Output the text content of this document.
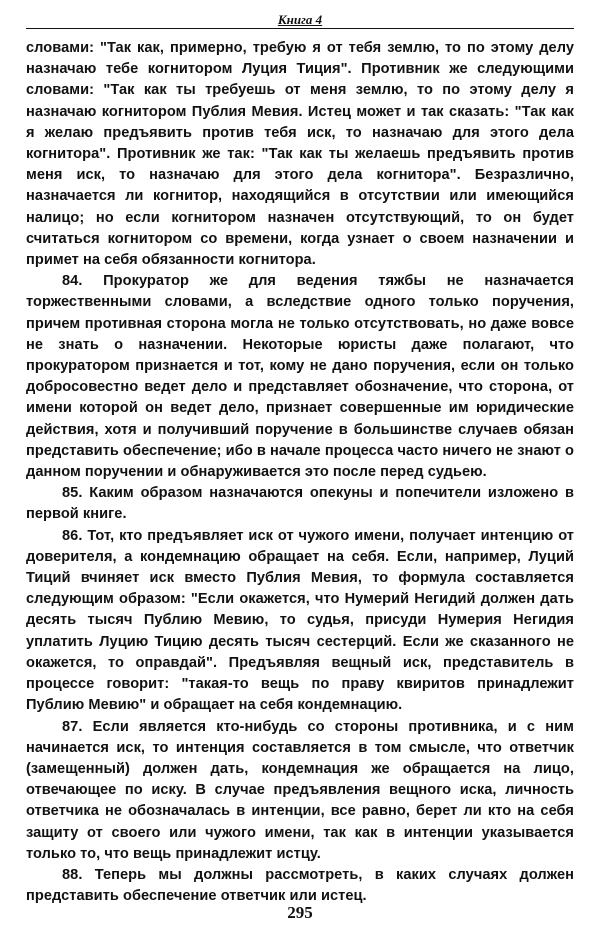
Книга 4

словами: "Так как, примерно, требую я от тебя землю, то по этому делу назначаю тебе когнитором Луция Тиция". Противник же следующими словами: "Так как ты требуешь от меня землю, то по этому делу я назначаю когнитором Публия Мевия. Истец может и так сказать: "Так как я желаю предъявить против тебя иск, то назначаю для этого дела когнитора". Противник же так: "Так как ты желаешь предъявить против меня иск, то назначаю для этого дела когнитора". Безразлично, назначается ли когнитор, находящийся в отсутствии или имеющийся налицо; но если когнитором назначен отсутствующий, то он будет считаться когнитором со времени, когда узнает о своем назначении и примет на себя обязанности когнитора.

84. Прокуратор же для ведения тяжбы не назначается торжественными словами, а вследствие одного только поручения, причем противная сторона могла не только отсутствовать, но даже вовсе не знать о назначении. Некоторые юристы даже полагают, что прокуратором признается и тот, кому не дано поручения, если он только добросовестно ведет дело и представляет обозначение, что сторона, от имени которой он ведет дело, признает совершенные им юридические действия, хотя и получивший поручение в большинстве случаев обязан представить обеспечение; ибо в начале процесса часто ничего не знают о данном поручении и обнаруживается это после перед судьею.

85. Каким образом назначаются опекуны и попечители изложено в первой книге.

86. Тот, кто предъявляет иск от чужого имени, получает интенцию от доверителя, а кондемнацию обращает на себя. Если, например, Луций Тиций вчиняет иск вместо Публия Мевия, то формула составляется следующим образом: "Если окажется, что Нумерий Негидий должен дать десять тысяч Публию Мевию, то судья, присуди Нумерия Негидия уплатить Луцию Тицию десять тысяч сестерций. Если же сказанного не окажется, то оправдай". Предъявляя вещный иск, представитель в процессе говорит: "такая-то вещь по праву квиритов принадлежит Публию Мевию" и обращает на себя кондемнацию.

87. Если является кто-нибудь со стороны противника, и с ним начинается иск, то интенция составляется в том смысле, что ответчик (замещенный) должен дать, кондемнация же обращается на лицо, отвечающее по иску. В случае предъявления вещного иска, личность ответчика не обозначалась в интенции, все равно, берет ли кто на себя защиту от своего или чужого имени, так как в интенции указывается только то, что вещь принадлежит истцу.

88. Теперь мы должны рассмотреть, в каких случаях должен представить обеспечение ответчик или истец.

295
